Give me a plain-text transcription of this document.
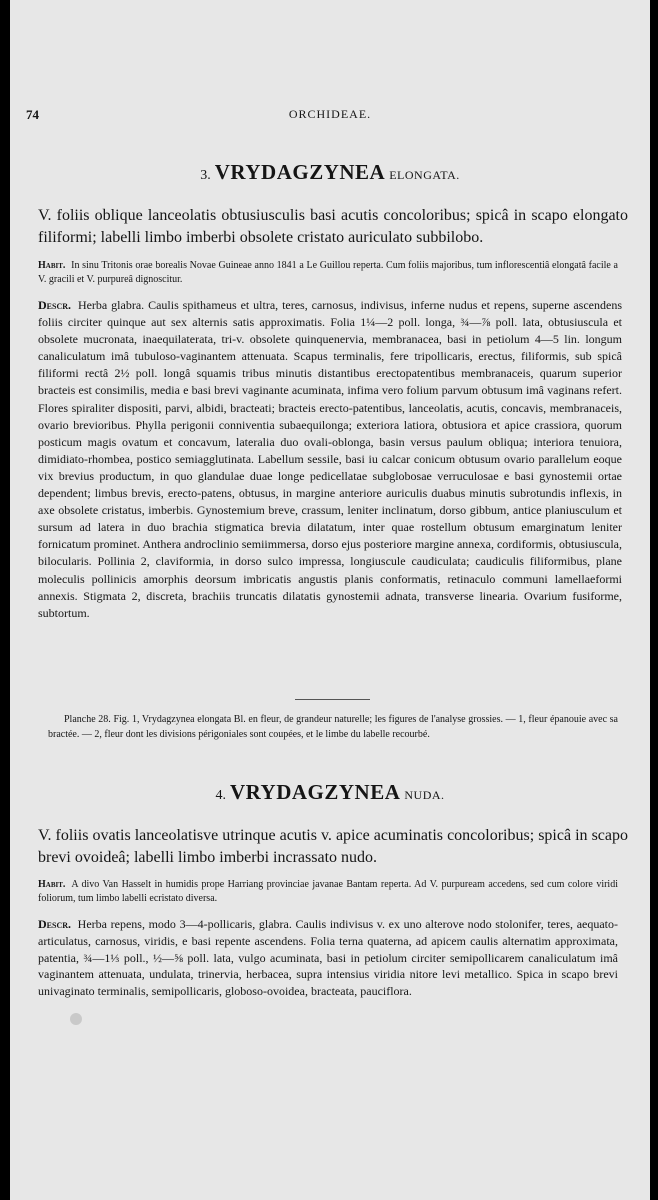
74	ORCHIDEAE.
3. VRYDAGZYNEA ELONGATA.
V. foliis oblique lanceolatis obtusiusculis basi acutis concoloribus; spicâ in scapo elongato filiformi; labelli limbo imberbi obsolete cristato auriculato subbilobo.
Habit. In sinu Tritonis orae borealis Novae Guineae anno 1841 a Le Guillou reperta. Cum foliis majoribus, tum inflorescentiâ elongatâ facile a V. gracili et V. purpureâ dignoscitur.
Descr. Herba glabra. Caulis spithameus et ultra, teres, carnosus, indivisus, inferne nudus et repens, superne ascendens foliis circiter quinque aut sex alternis satis approximatis. Folia 1¼—2 poll. longa, ¾—⅞ poll. lata, obtusiuscula et obsolete mucronata, inaequilaterata, tri-v. obsolete quinquenervia, membranacea, basi in petiolum 4—5 lin. longum canaliculatum imâ tubuloso-vaginantem attenuata. Scapus terminalis, fere tripollicaris, erectus, filiformis, sub spicâ filiformi rectâ 2½ poll. longâ squamis tribus minutis distantibus erectopatentibus membranaceis, quarum superior bracteis est consimilis, media e basi brevi vaginante acuminata, infima vero folium parvum obtusum imâ vaginans refert. Flores spiraliter dispositi, parvi, albidi, bracteati; bracteis erecto-patentibus, lanceolatis, acutis, concavis, membranaceis, ovario brevioribus. Phylla perigonii conniventia subaequilonga; exteriora latiora, obtusiora et apice crassiora, quorum posticum magis ovatum et concavum, lateralia duo ovali-oblonga, basin versus paulum obliqua; interiora tenuiora, dimidiato-rhombea, postico semiagglutinata. Labellum sessile, basi iu calcar conicum obtusum ovario parallelum eoque vix brevius productum, in quo glandulae duae longe pedicellatae subglobosae verruculosae e basi gynostemii ortae dependent; limbus brevis, erecto-patens, obtusus, in margine anteriore auriculis duabus minutis subrotundis inflexis, in axe obsolete cristatus, imberbis. Gynostemium breve, crassum, leniter inclinatum, dorso gibbum, antice planiusculum et sursum ad latera in duo brachia stigmatica brevia dilatatum, inter quae rostellum obtusum emarginatum leniter fornicatum prominet. Anthera androclinio semiimmersa, dorso ejus posteriore margine annexa, cordiformis, obtusiuscula, bilocularis. Pollinia 2, claviformia, in dorso sulco impressa, longiuscule caudiculata; caudiculis filiformibus, plane moleculis pollinicis amorphis deorsum imbricatis angustis planis conformatis, retinaculo communi lamellaeformi annexis. Stigmata 2, discreta, brachiis truncatis dilatatis gynostemii adnata, transverse linearia. Ovarium fusiforme, subtortum.
Planche 28. Fig. 1, Vrydagzynea elongata Bl. en fleur, de grandeur naturelle; les figures de l'analyse grossies. — 1, fleur épanouie avec sa bractée. — 2, fleur dont les divisions périgoniales sont coupées, et le limbe du labelle recourbé.
4. VRYDAGZYNEA NUDA.
V. foliis ovatis lanceolatisve utrinque acutis v. apice acuminatis concoloribus; spicâ in scapo brevi ovoideâ; labelli limbo imberbi incrassato nudo.
Habit. A divo Van Hasselt in humidis prope Harriang provinciae javanae Bantam reperta. Ad V. purpuream accedens, sed cum colore viridi foliorum, tum limbo labelli ecristato diversa.
Descr. Herba repens, modo 3—4-pollicaris, glabra. Caulis indivisus v. ex uno alterove nodo stolonifer, teres, aequato-articulatus, carnosus, viridis, e basi repente ascendens. Folia terna quaterna, ad apicem caulis alternatim approximata, patentia, ¾—1⅓ poll., ½—⅝ poll. lata, vulgo acuminata, basi in petiolum circiter semipollicarem canaliculatum imâ vaginantem attenuata, undulata, trinervia, herbacea, supra intensius viridia nitore levi metallico. Spica in scapo brevi univaginato terminalis, semipollicaris, globoso-ovoidea, bracteata, pauciflora.
